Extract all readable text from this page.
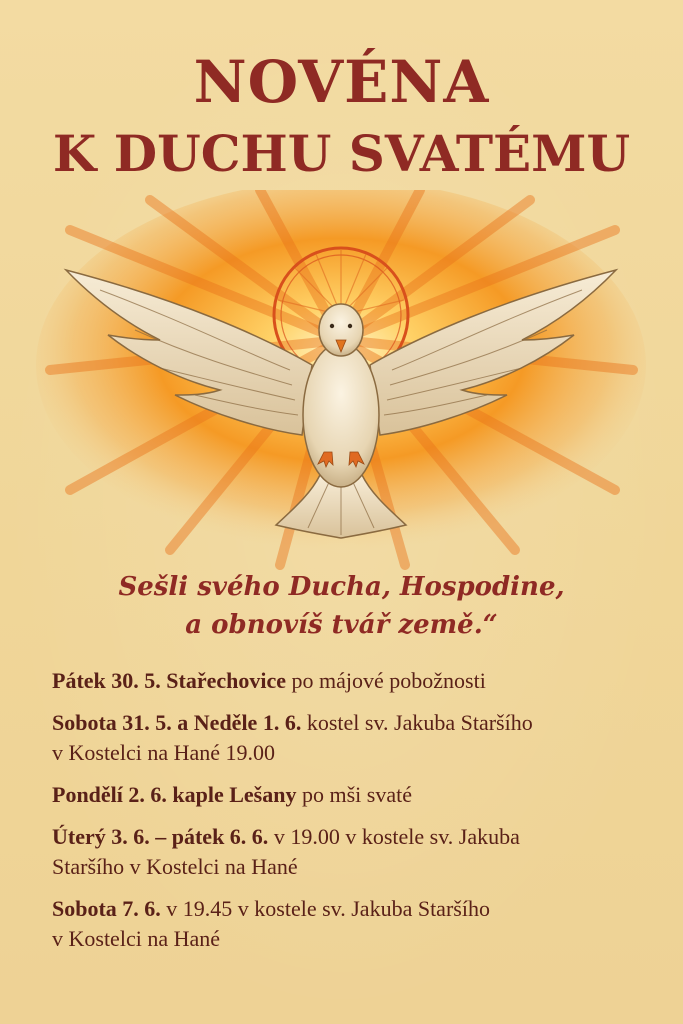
NOVÉNA
K DUCHU SVATÉMU

Sešli svého Ducha, Hospodine,

a obnovíš tvář země.“

Pátek 30. 5. Stařechovice po májové pobožnosti

Sobota 31. 5. a Neděle 1. 6. kostel sv. Jakuba Staršího
v Kostelci na Hané 19.00

Pondělí 2. 6. kaple Lešany po mši svaté

Úterý 3. 6. – pátek 6. 6. v 19.00 v kostele sv. Jakuba
Staršího v Kostelci na Hané

Sobota 7. 6. v 19.45 v kostele sv. Jakuba Staršího
v Kostelci na Hané
